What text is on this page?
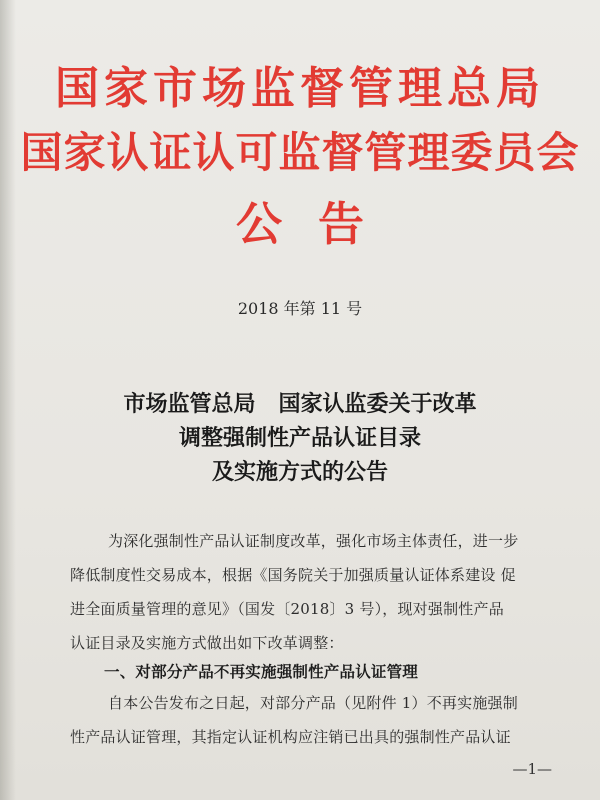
国家市场监督管理总局
国家认证认可监督管理委员会
公告
2018 年第 11 号
市场监管总局   国家认监委关于改革
调整强制性产品认证目录
及实施方式的公告
为深化强制性产品认证制度改革，强化市场主体责任，进一步
降低制度性交易成本，根据《国务院关于加强质量认证体系建设 促
进全面质量管理的意见》（国发〔2018〕3 号），现对强制性产品
认证目录及实施方式做出如下改革调整：
一、对部分产品不再实施强制性产品认证管理
自本公告发布之日起，对部分产品（见附件 1）不再实施强制
性产品认证管理，其指定认证机构应注销已出具的强制性产品认证
—1—
